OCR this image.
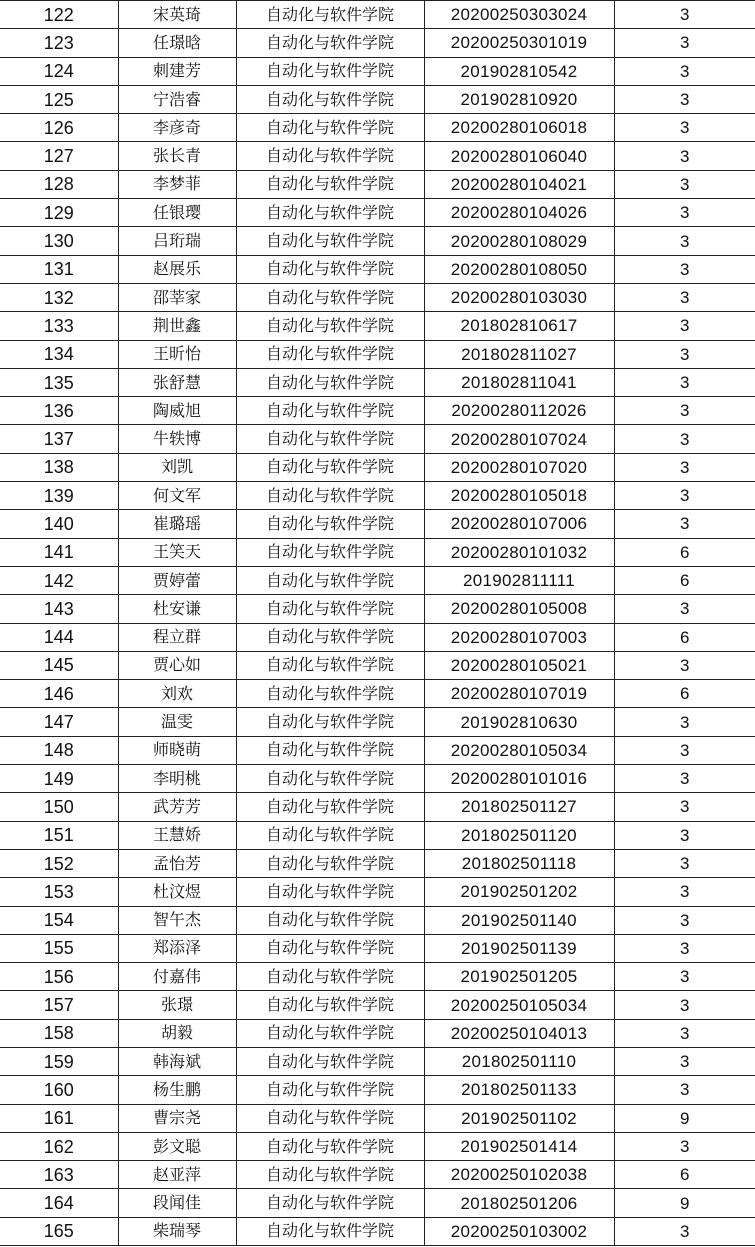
122	宋英琦	自动化与软件学院	20200250303024	3
123	任璟晗	自动化与软件学院	20200250301019	3
124	刺建芳	自动化与软件学院	201902810542	3
125	宁浩睿	自动化与软件学院	201902810920	3
126	李彦奇	自动化与软件学院	20200280106018	3
127	张长青	自动化与软件学院	20200280106040	3
128	李梦菲	自动化与软件学院	20200280104021	3
129	任银璎	自动化与软件学院	20200280104026	3
130	吕珩瑞	自动化与软件学院	20200280108029	3
131	赵展乐	自动化与软件学院	20200280108050	3
132	邵莘家	自动化与软件学院	20200280103030	3
133	荆世鑫	自动化与软件学院	201802810617	3
134	王昕怡	自动化与软件学院	201802811027	3
135	张舒慧	自动化与软件学院	201802811041	3
136	陶威旭	自动化与软件学院	20200280112026	3
137	牛轶博	自动化与软件学院	20200280107024	3
138	刘凯	自动化与软件学院	20200280107020	3
139	何文军	自动化与软件学院	20200280105018	3
140	崔璐瑶	自动化与软件学院	20200280107006	3
141	王笑天	自动化与软件学院	20200280101032	6
142	贾婷蕾	自动化与软件学院	201902811111	6
143	杜安谦	自动化与软件学院	20200280105008	3
144	程立群	自动化与软件学院	20200280107003	6
145	贾心如	自动化与软件学院	20200280105021	3
146	刘欢	自动化与软件学院	20200280107019	6
147	温雯	自动化与软件学院	201902810630	3
148	师晓萌	自动化与软件学院	20200280105034	3
149	李明桃	自动化与软件学院	20200280101016	3
150	武芳芳	自动化与软件学院	201802501127	3
151	王慧娇	自动化与软件学院	201802501120	3
152	孟怡芳	自动化与软件学院	201802501118	3
153	杜汶煜	自动化与软件学院	201902501202	3
154	智午杰	自动化与软件学院	201902501140	3
155	郑添泽	自动化与软件学院	201902501139	3
156	付嘉伟	自动化与软件学院	201902501205	3
157	张璟	自动化与软件学院	20200250105034	3
158	胡毅	自动化与软件学院	20200250104013	3
159	韩海斌	自动化与软件学院	201802501110	3
160	杨生鹏	自动化与软件学院	201802501133	3
161	曹宗尧	自动化与软件学院	201902501102	9
162	彭文聪	自动化与软件学院	201902501414	3
163	赵亚萍	自动化与软件学院	20200250102038	6
164	段闻佳	自动化与软件学院	201802501206	9
165	柴瑞琴	自动化与软件学院	20200250103002	3
